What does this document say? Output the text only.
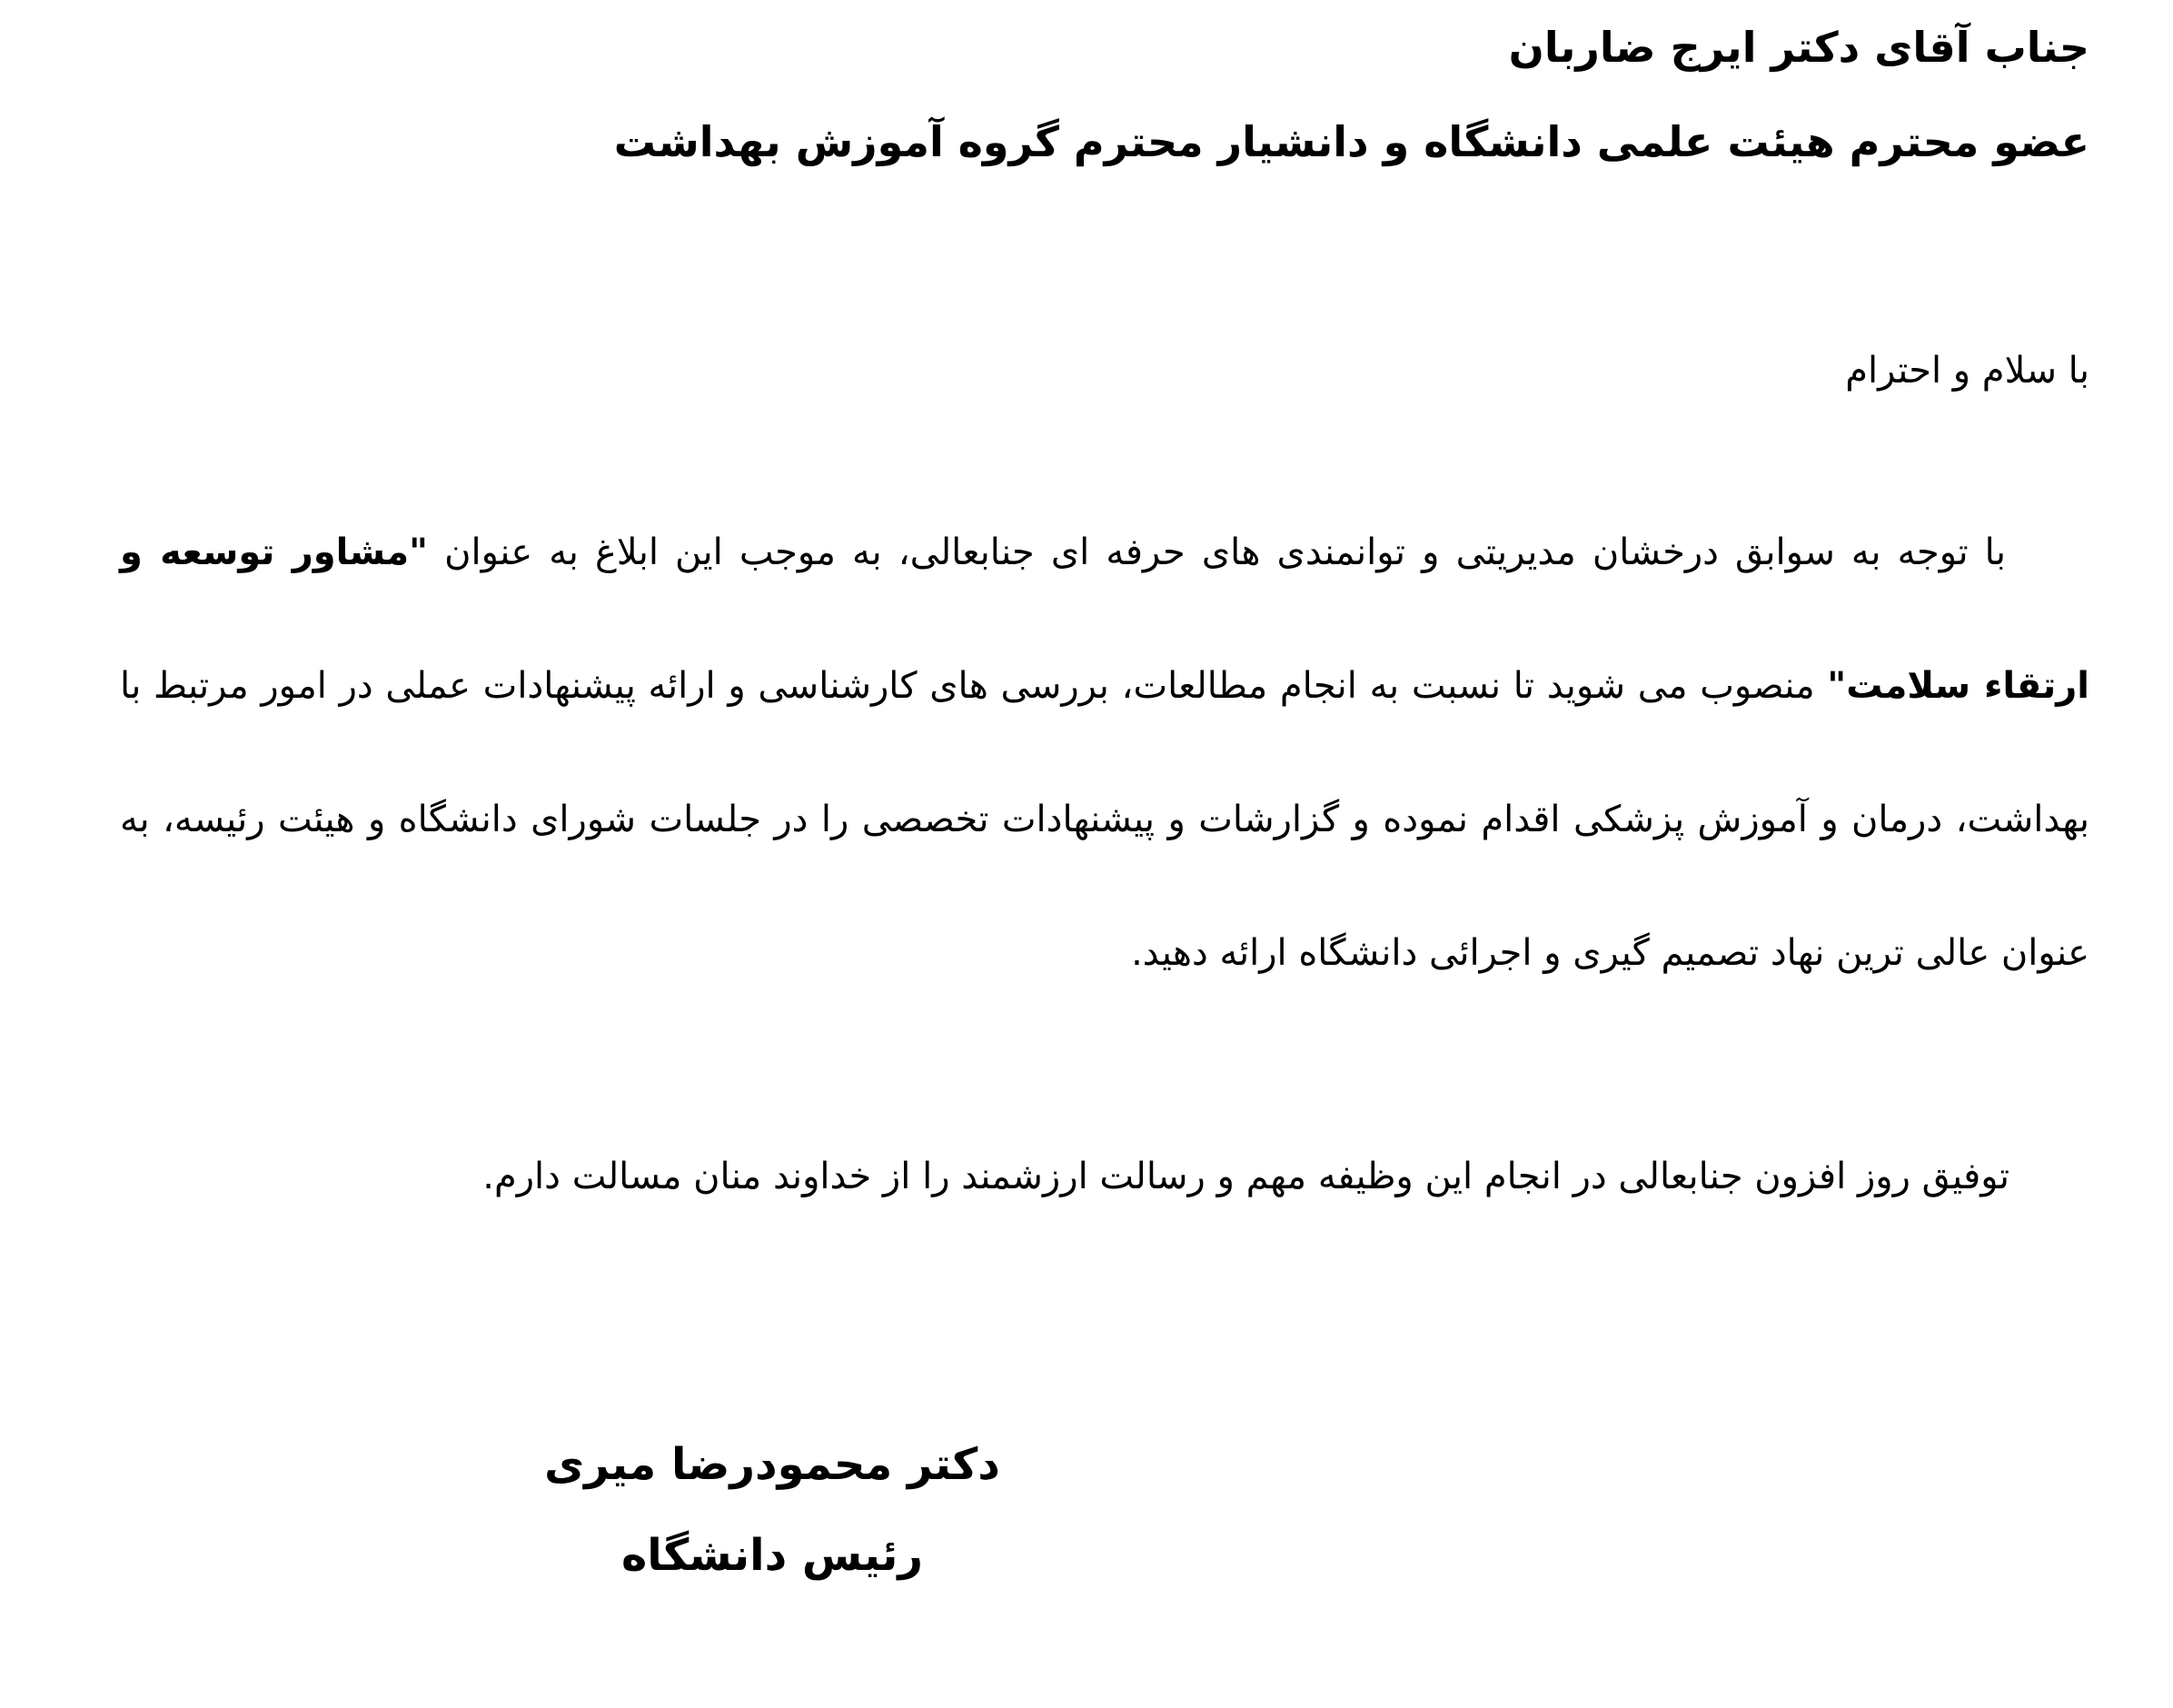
جناب آقای دکتر ایرج ضاربان
عضو محترم هیئت علمی دانشگاه و دانشیار محترم گروه آموزش بهداشت
با سلام و احترام
با توجه به سوابق درخشان مدیریتی و توانمندی های حرفه ای جنابعالی، به موجب این ابلاغ به عنوان "مشاور توسعه و ارتقاء سلامت" منصوب می شوید تا نسبت به انجام مطالعات، بررسی های کارشناسی و ارائه پیشنهادات عملی در امور مرتبط با بهداشت، درمان و آموزش پزشکی اقدام نموده و گزارشات و پیشنهادات تخصصی را در جلسات شورای دانشگاه و هیئت رئیسه، به عنوان عالی ترین نهاد تصمیم گیری و اجرائی دانشگاه ارائه دهید.
توفیق روز افزون جنابعالی در انجام این وظیفه مهم و رسالت ارزشمند را از خداوند منان مسالت دارم.
دکتر محمودرضا میری
رئیس دانشگاه
